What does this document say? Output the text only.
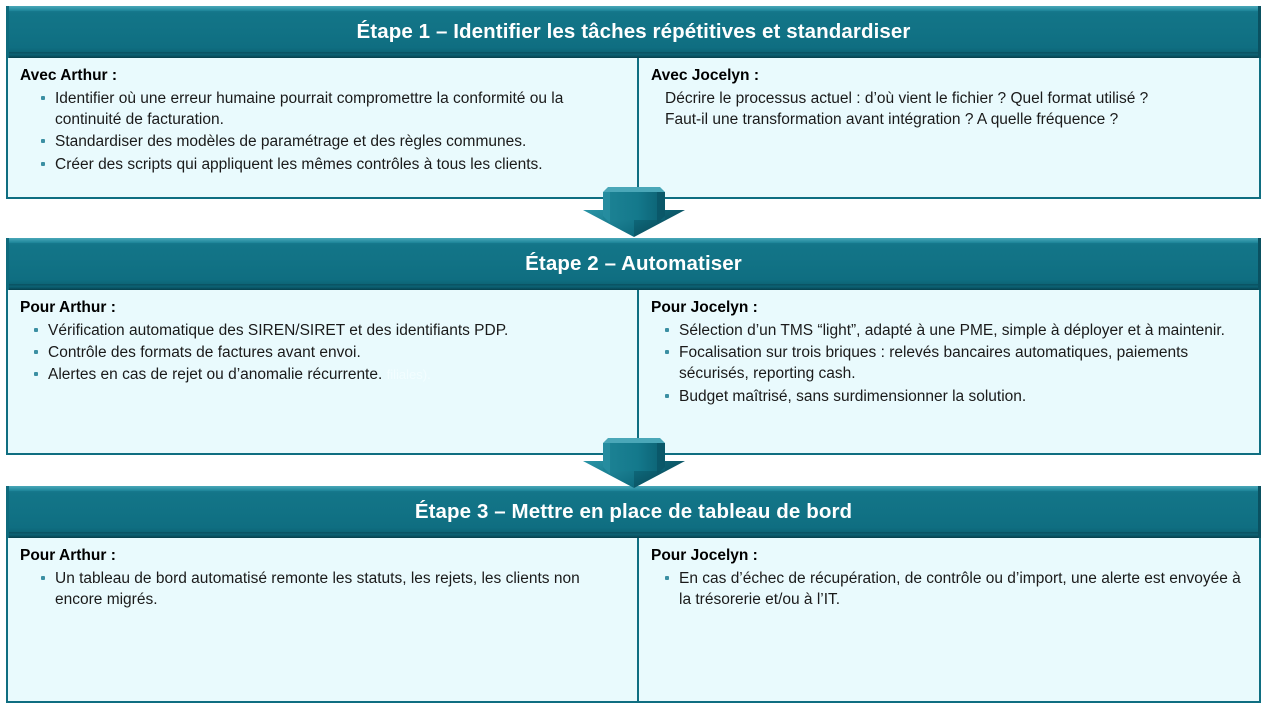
Étape 1 – Identifier les tâches répétitives et standardiser
Avec Arthur :
Identifier où une erreur humaine pourrait compromettre la conformité ou la continuité de facturation.
Standardiser des modèles de paramétrage et des règles communes.
Créer des scripts qui appliquent les mêmes contrôles à tous les clients.
Avec Jocelyn :
Décrire le processus actuel : d’où vient le fichier ? Quel format utilisé ?
Faut-il une transformation avant intégration ? A quelle fréquence ?
Étape 2 – Automatiser
Pour Arthur :
Vérification automatique des SIREN/SIRET et des identifiants PDP.
Contrôle des formats de factures avant envoi.
Alertes en cas de rejet ou d’anomalie récurrente. filiales).
Pour Jocelyn :
Sélection d’un TMS “light”, adapté à une PME, simple à déployer et à maintenir.
Focalisation sur trois briques : relevés bancaires automatiques, paiements sécurisés, reporting cash.
Budget maîtrisé, sans surdimensionner la solution.
Étape 3 – Mettre en place de tableau de bord
Pour Arthur :
Un tableau de bord automatisé remonte les statuts, les rejets, les clients non encore migrés.
Pour Jocelyn :
En cas d’échec de récupération, de contrôle ou d’import, une alerte est envoyée à la trésorerie et/ou à l’IT.
